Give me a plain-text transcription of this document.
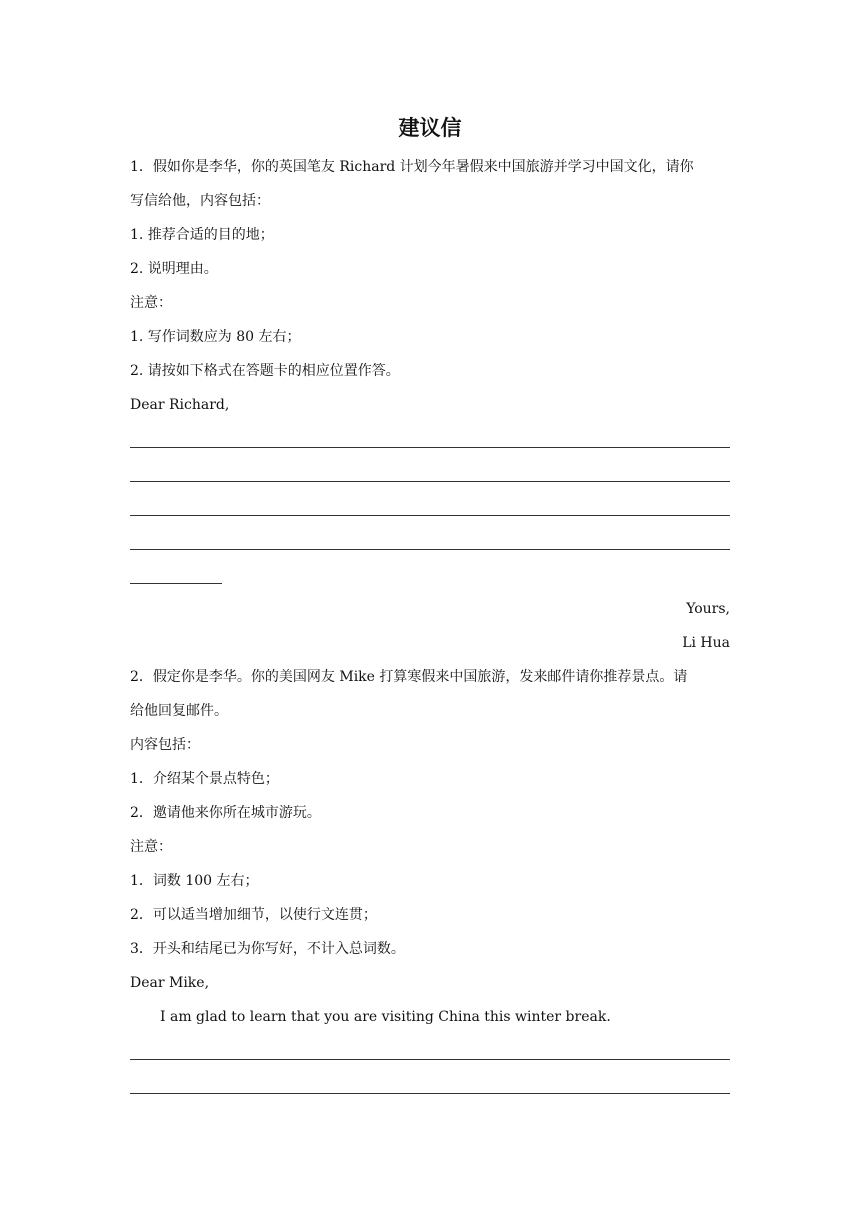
建议信
1．假如你是李华，你的英国笔友 Richard 计划今年暑假来中国旅游并学习中国文化，请你
写信给他，内容包括：
1. 推荐合适的目的地；
2. 说明理由。
注意：
1. 写作词数应为 80 左右；
2. 请按如下格式在答题卡的相应位置作答。
Dear Richard,
Yours,
Li Hua
2．假定你是李华。你的美国网友 Mike 打算寒假来中国旅游，发来邮件请你推荐景点。请
给他回复邮件。
内容包括：
1．介绍某个景点特色；
2．邀请他来你所在城市游玩。
注意：
1．词数 100 左右；
2．可以适当增加细节，以使行文连贯；
3．开头和结尾已为你写好，不计入总词数。
Dear Mike,
I am glad to learn that you are visiting China this winter break.
